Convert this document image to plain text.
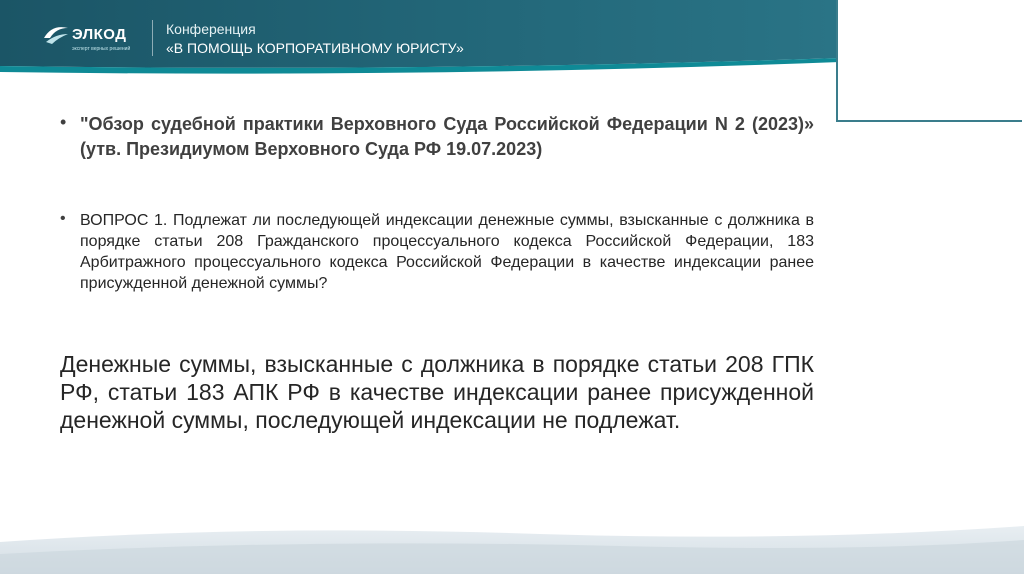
ЭЛКОД
эксперт верных решений
Конференция
«В ПОМОЩЬ КОРПОРАТИВНОМУ ЮРИСТУ»
• "Обзор судебной практики Верховного Суда Российской Федерации N 2 (2023)» (утв. Президиумом Верховного Суда РФ 19.07.2023)
• ВОПРОС 1. Подлежат ли последующей индексации денежные суммы, взысканные с должника в порядке статьи 208 Гражданского процессуального кодекса Российской Федерации, 183 Арбитражного процессуального кодекса Российской Федерации в качестве индексации ранее присужденной денежной суммы?
Денежные суммы, взысканные с должника в порядке статьи 208 ГПК РФ, статьи 183 АПК РФ в качестве индексации ранее присужденной денежной суммы, последующей индексации не подлежат.
